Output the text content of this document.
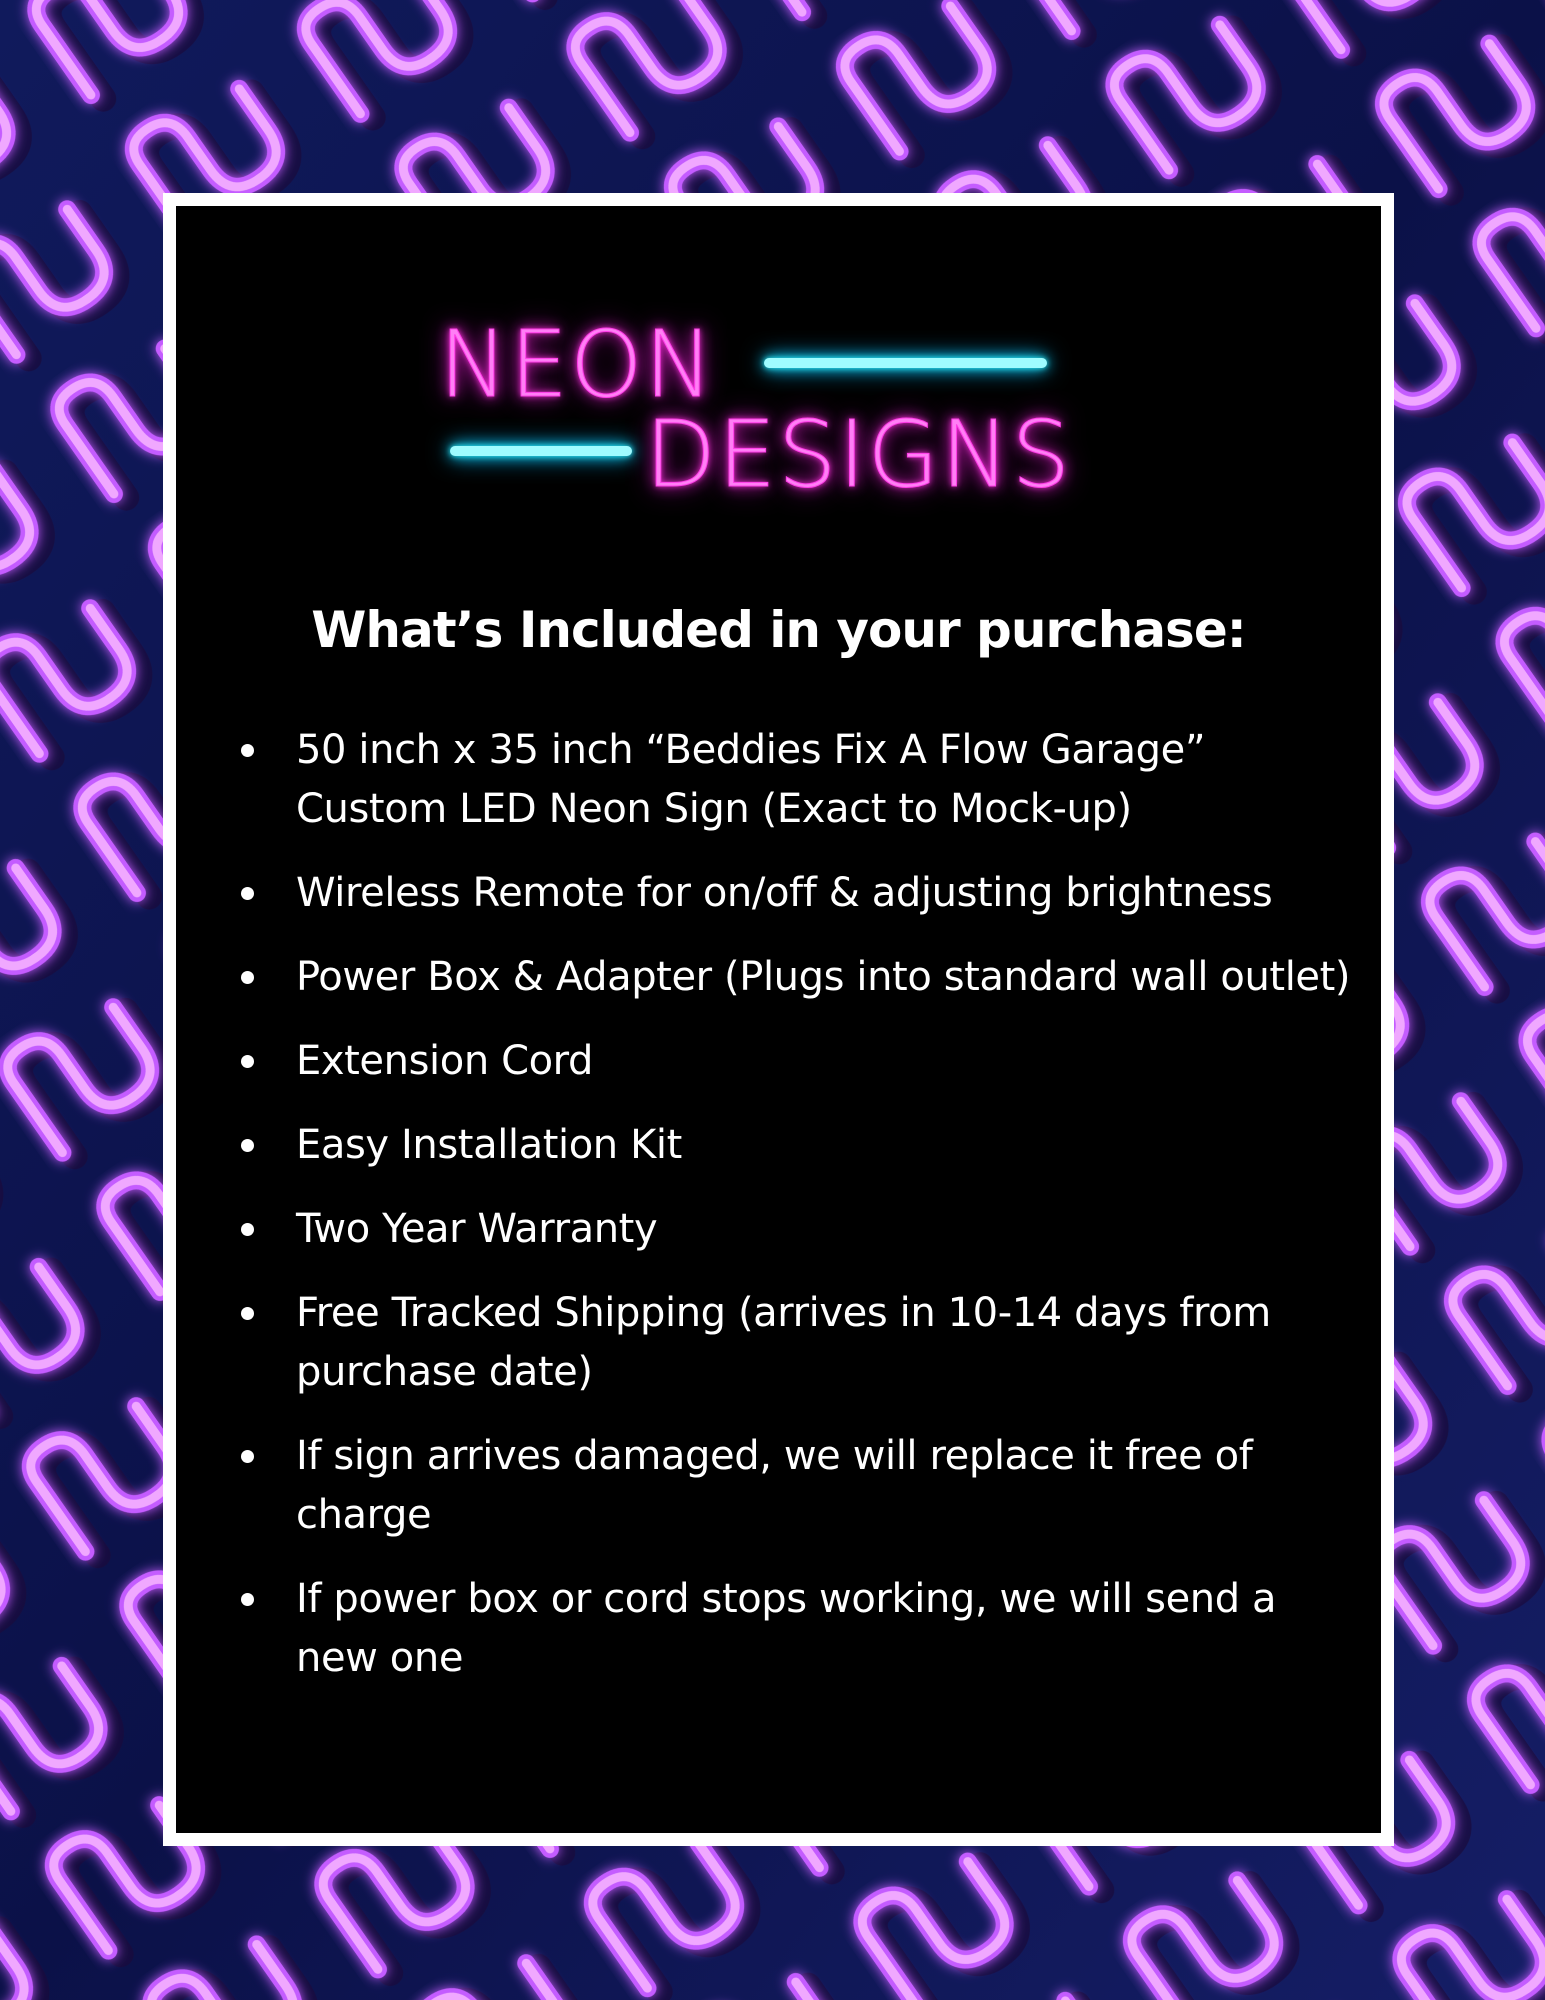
NEON
DESIGNS
What’s Included in your purchase:
50 inch x 35 inch “Beddies Fix A Flow Garage” Custom LED Neon Sign (Exact to Mock-up)
Wireless Remote for on/off & adjusting brightness
Power Box & Adapter (Plugs into standard wall outlet)
Extension Cord
Easy Installation Kit
Two Year Warranty
Free Tracked Shipping (arrives in 10-14 days from purchase date)
If sign arrives damaged, we will replace it free of charge
If power box or cord stops working, we will send a new one
